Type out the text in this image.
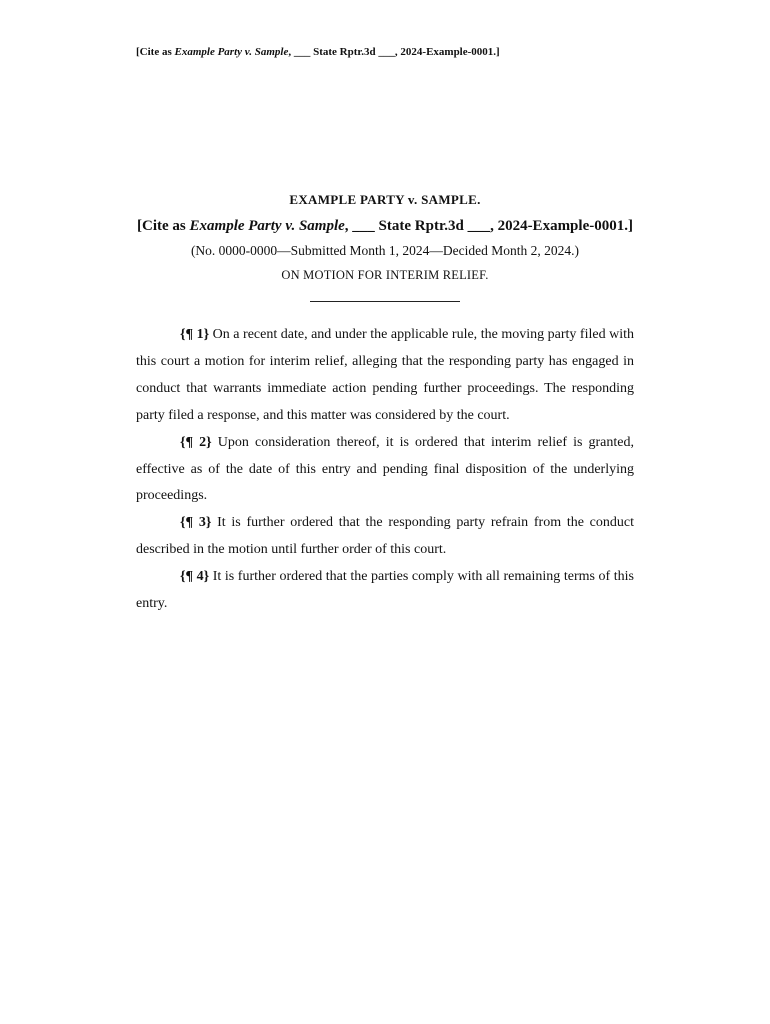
[Cite as Example Party v. Sample, ___ State Rptr.3d ___, 2024-Example-0001.]

EXAMPLE PARTY v. SAMPLE.

[Cite as Example Party v. Sample, ___ State Rptr.3d ___, 2024-Example-0001.]

(No. 0000-0000—Submitted Month 1, 2024—Decided Month 2, 2024.)

ON MOTION FOR INTERIM RELIEF.

{¶ 1} On a recent date, and under the applicable rule, the moving party filed with this court a motion for interim relief, alleging that the responding party has engaged in conduct that warrants immediate action pending further proceedings. The responding party filed a response, and this matter was considered by the court.

{¶ 2} Upon consideration thereof, it is ordered that interim relief is granted, effective as of the date of this entry and pending final disposition of the underlying proceedings.

{¶ 3} It is further ordered that the responding party refrain from the conduct described in the motion until further order of this court.

{¶ 4} It is further ordered that the parties comply with all remaining terms of this entry.
